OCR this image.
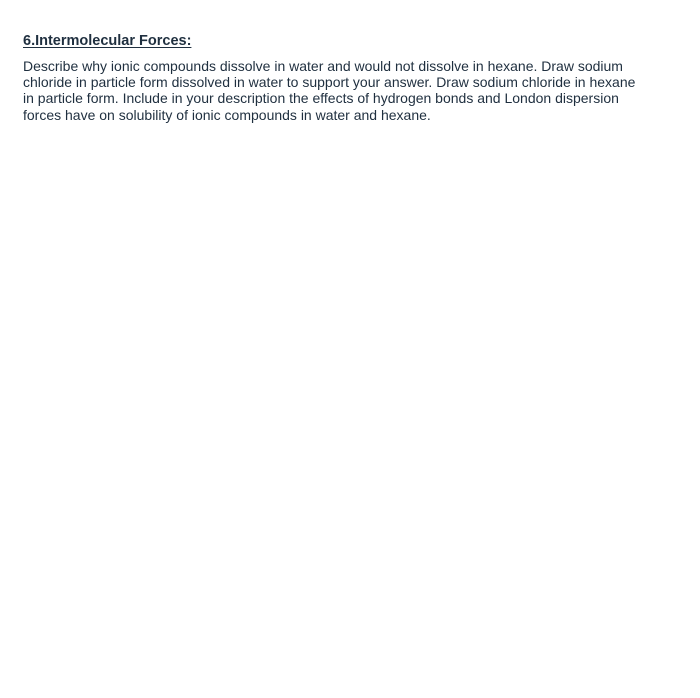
6.Intermolecular Forces:

Describe why ionic compounds dissolve in water and would not dissolve in hexane. Draw sodium
chloride in particle form dissolved in water to support your answer. Draw sodium chloride in hexane
in particle form. Include in your description the effects of hydrogen bonds and London dispersion
forces have on solubility of ionic compounds in water and hexane.
